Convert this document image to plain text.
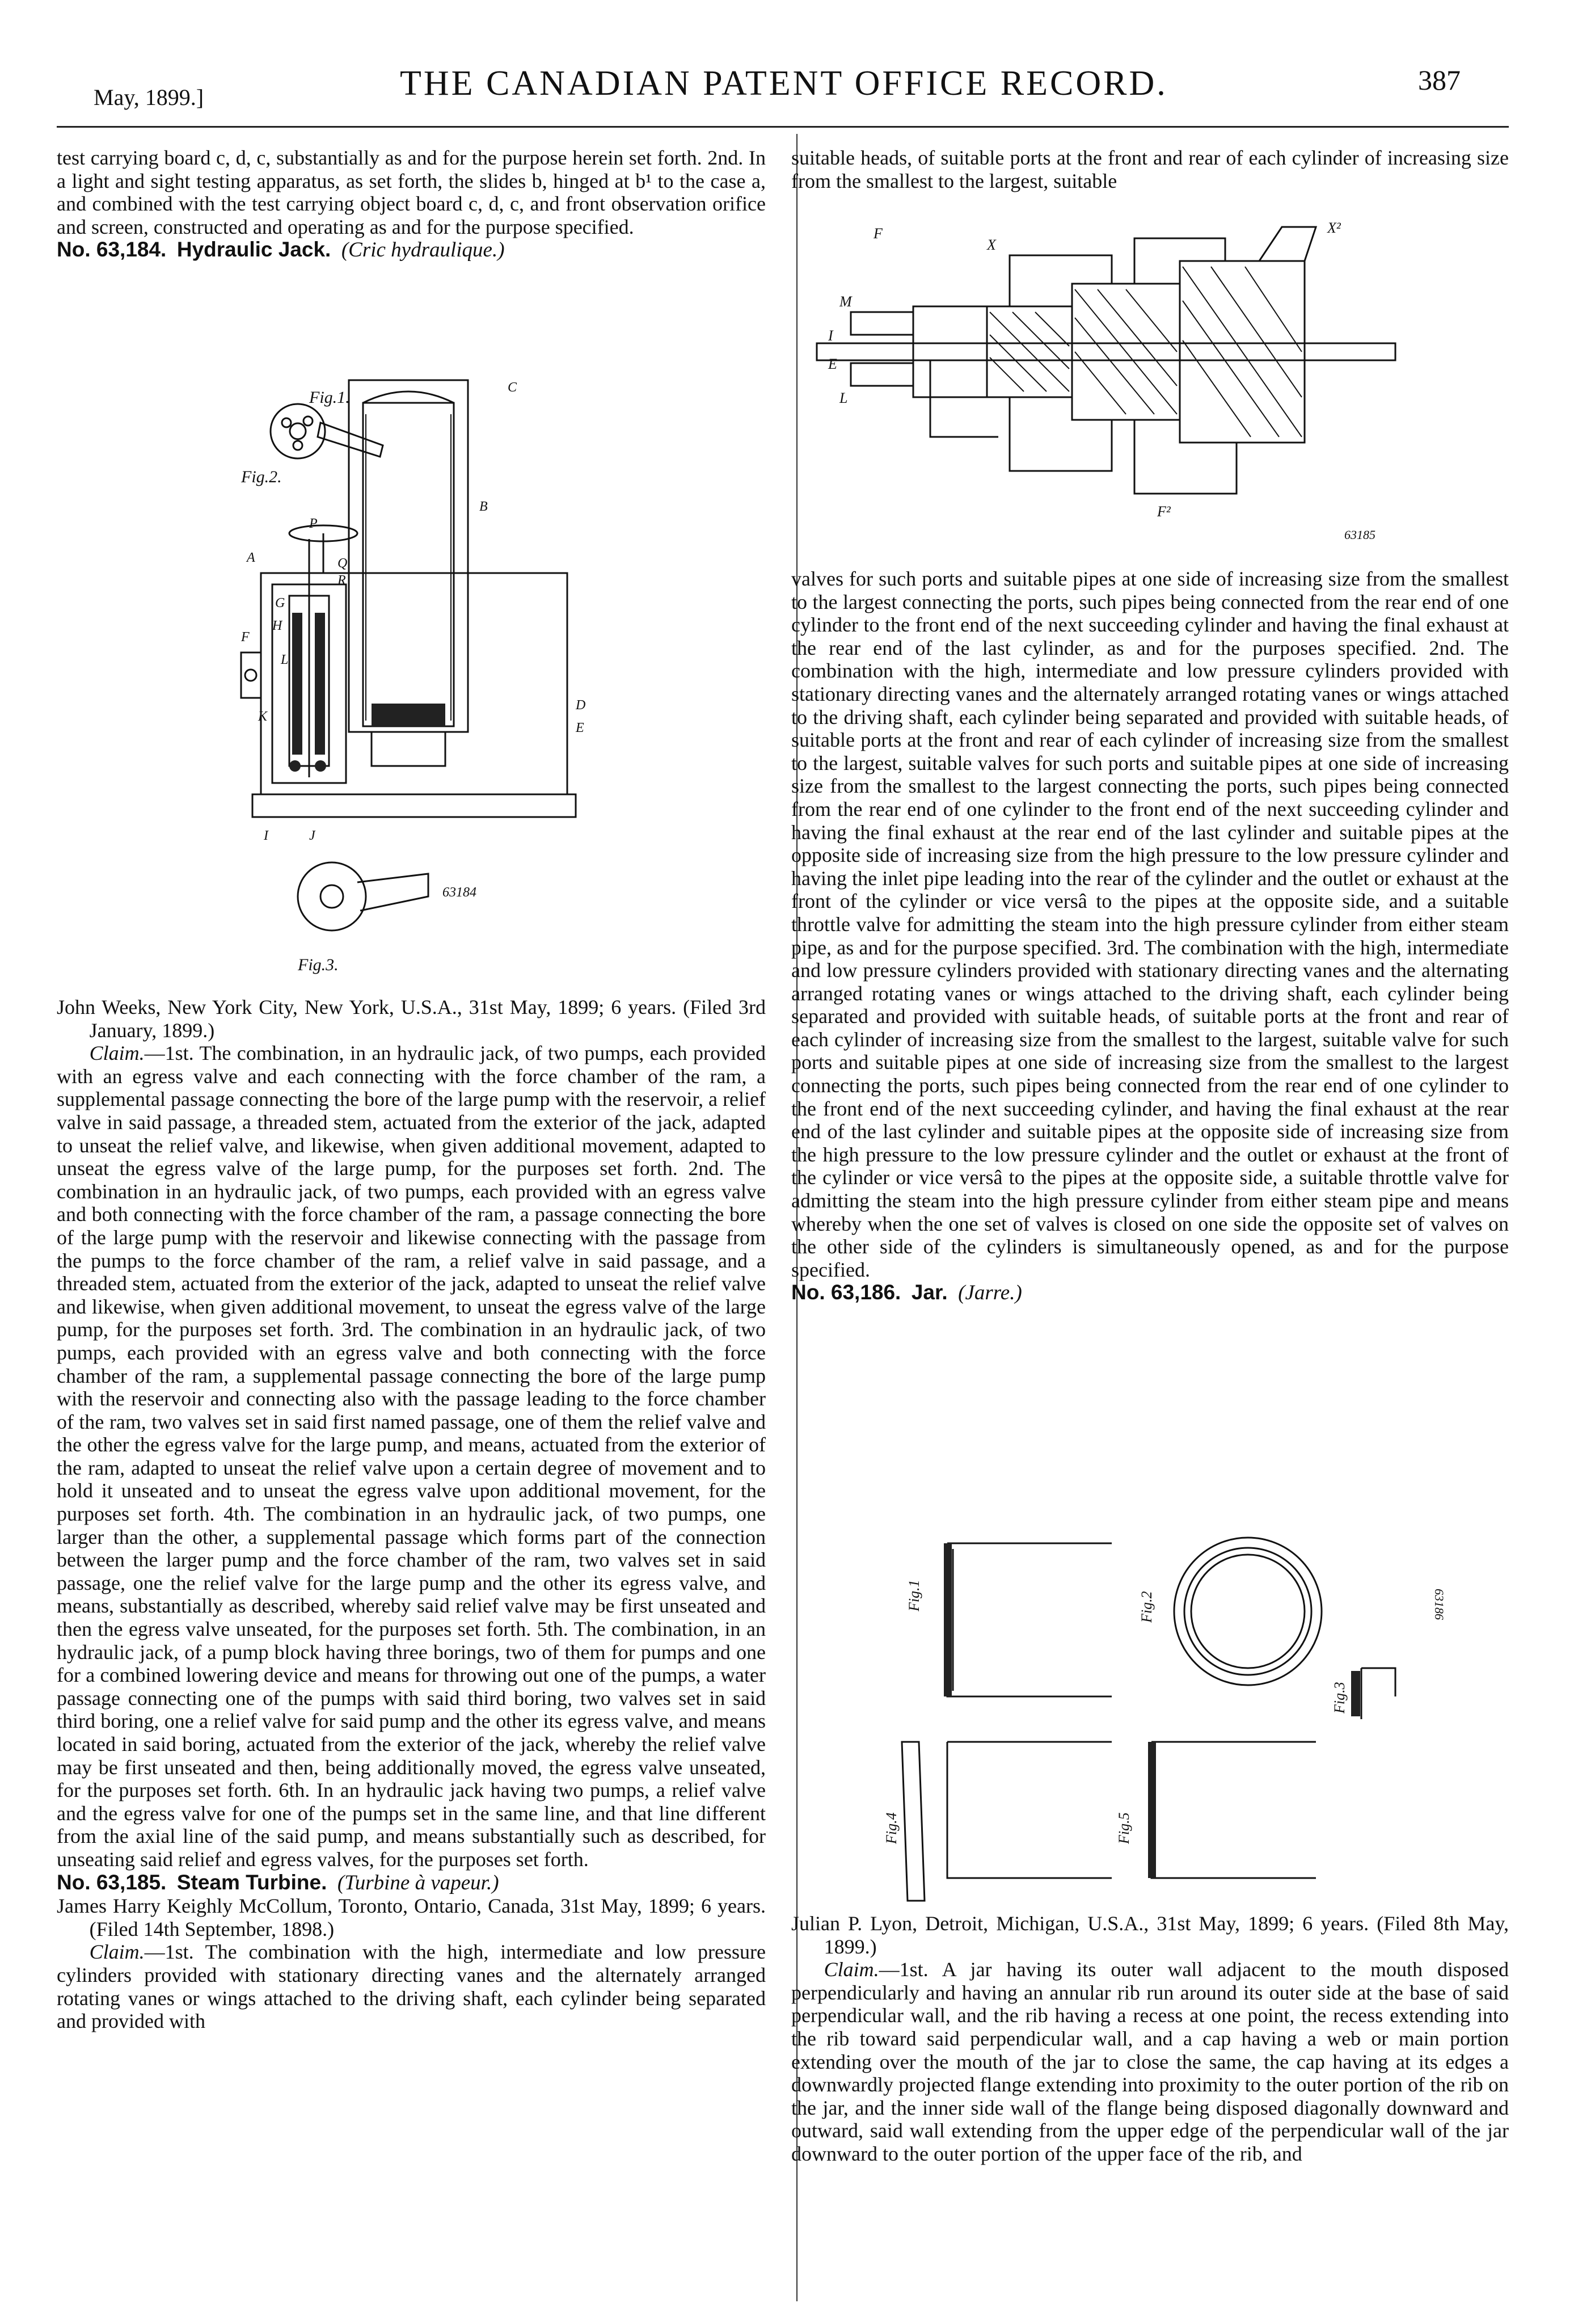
May, 1899.]	THE CANADIAN PATENT OFFICE RECORD.	387

test carrying board c, d, c, substantially as and for the purpose herein set forth. 2nd. In a light and sight testing apparatus, as set forth, the slides b, hinged at b¹ to the case a, and combined with the test carrying object board c, d, c, and front observation orifice and screen, constructed and operating as and for the purpose specified.

No. 63,184. Hydraulic Jack. (Cric hydraulique.)

Fig.1.
Fig.2.
Fig.3.
63184
C
B
A
F
D
E
K
G
H
L
I	J
P
Q
R

John Weeks, New York City, New York, U.S.A., 31st May, 1899; 6 years. (Filed 3rd January, 1899.)

Claim.—1st. The combination, in an hydraulic jack, of two pumps, each provided with an egress valve and each connecting with the force chamber of the ram, a supplemental passage connecting the bore of the large pump with the reservoir, a relief valve in said passage, a threaded stem, actuated from the exterior of the jack, adapted to unseat the relief valve, and likewise, when given additional movement, adapted to unseat the egress valve of the large pump, for the purposes set forth. 2nd. The combination in an hydraulic jack, of two pumps, each provided with an egress valve and both connecting with the force chamber of the ram, a passage connecting the bore of the large pump with the reservoir and likewise connecting with the passage from the pumps to the force chamber of the ram, a relief valve in said passage, and a threaded stem, actuated from the exterior of the jack, adapted to unseat the relief valve and likewise, when given additional movement, to unseat the egress valve of the large pump, for the purposes set forth. 3rd. The combination in an hydraulic jack, of two pumps, each provided with an egress valve and both connecting with the force chamber of the ram, a supplemental passage connecting the bore of the large pump with the reservoir and connecting also with the passage leading to the force chamber of the ram, two valves set in said first named passage, one of them the relief valve and the other the egress valve for the large pump, and means, actuated from the exterior of the ram, adapted to unseat the relief valve upon a certain degree of movement and to hold it unseated and to unseat the egress valve upon additional movement, for the purposes set forth. 4th. The combination in an hydraulic jack, of two pumps, one larger than the other, a supplemental passage which forms part of the connection between the larger pump and the force chamber of the ram, two valves set in said passage, one the relief valve for the large pump and the other its egress valve, and means, substantially as described, whereby said relief valve may be first unseated and then the egress valve unseated, for the purposes set forth. 5th. The combination, in an hydraulic jack, of a pump block having three borings, two of them for pumps and one for a combined lowering device and means for throwing out one of the pumps, a water passage connecting one of the pumps with said third boring, two valves set in said third boring, one a relief valve for said pump and the other its egress valve, and means located in said boring, actuated from the exterior of the jack, whereby the relief valve may be first unseated and then, being additionally moved, the egress valve unseated, for the purposes set forth. 6th. In an hydraulic jack having two pumps, a relief valve and the egress valve for one of the pumps set in the same line, and that line different from the axial line of the said pump, and means substantially such as described, for unseating said relief and egress valves, for the purposes set forth.

No. 63,185. Steam Turbine. (Turbine à vapeur.)

James Harry Keighly McCollum, Toronto, Ontario, Canada, 31st May, 1899; 6 years. (Filed 14th September, 1898.)

Claim.—1st. The combination with the high, intermediate and low pressure cylinders provided with stationary directing vanes and the alternately arranged rotating vanes or wings attached to the driving shaft, each cylinder being separated and provided with

suitable heads, of suitable ports at the front and rear of each cylinder of increasing size from the smallest to the largest, suitable

63185
X
X²
F
F²
M
I
E
L

valves for such ports and suitable pipes at one side of increasing size from the smallest to the largest connecting the ports, such pipes being connected from the rear end of one cylinder to the front end of the next succeeding cylinder and having the final exhaust at the rear end of the last cylinder, as and for the purposes specified. 2nd. The combination with the high, intermediate and low pressure cylinders provided with stationary directing vanes and the alternately arranged rotating vanes or wings attached to the driving shaft, each cylinder being separated and provided with suitable heads, of suitable ports at the front and rear of each cylinder of increasing size from the smallest to the largest, suitable valves for such ports and suitable pipes at one side of increasing size from the smallest to the largest connecting the ports, such pipes being connected from the rear end of one cylinder to the front end of the next succeeding cylinder and having the final exhaust at the rear end of the last cylinder and suitable pipes at the opposite side of increasing size from the high pressure to the low pressure cylinder and having the inlet pipe leading into the rear of the cylinder and the outlet or exhaust at the front of the cylinder or vice versâ to the pipes at the opposite side, and a suitable throttle valve for admitting the steam into the high pressure cylinder from either steam pipe, as and for the purpose specified. 3rd. The combination with the high, intermediate and low pressure cylinders provided with stationary directing vanes and the alternating arranged rotating vanes or wings attached to the driving shaft, each cylinder being separated and provided with suitable heads, of suitable ports at the front and rear of each cylinder of increasing size from the smallest to the largest, suitable valve for such ports and suitable pipes at one side of increasing size from the smallest to the largest connecting the ports, such pipes being connected from the rear end of one cylinder to the front end of the next succeeding cylinder, and having the final exhaust at the rear end of the last cylinder and suitable pipes at the opposite side of increasing size from the high pressure to the low pressure cylinder and the outlet or exhaust at the front of the cylinder or vice versâ to the pipes at the opposite side, a suitable throttle valve for admitting the steam into the high pressure cylinder from either steam pipe and means whereby when the one set of valves is closed on one side the opposite set of valves on the other side of the cylinders is simultaneously opened, as and for the purpose specified.

No. 63,186. Jar. (Jarre.)

Fig.1	Fig.2
Fig.3
Fig.4	Fig.5
63186

Julian P. Lyon, Detroit, Michigan, U.S.A., 31st May, 1899; 6 years. (Filed 8th May, 1899.)

Claim.—1st. A jar having its outer wall adjacent to the mouth disposed perpendicularly and having an annular rib run around its outer side at the base of said perpendicular wall, and the rib having a recess at one point, the recess extending into the rib toward said perpendicular wall, and a cap having a web or main portion extending over the mouth of the jar to close the same, the cap having at its edges a downwardly projected flange extending into proximity to the outer portion of the rib on the jar, and the inner side wall of the flange being disposed diagonally downward and outward, said wall extending from the upper edge of the perpendicular wall of the jar downward to the outer portion of the upper face of the rib, and
